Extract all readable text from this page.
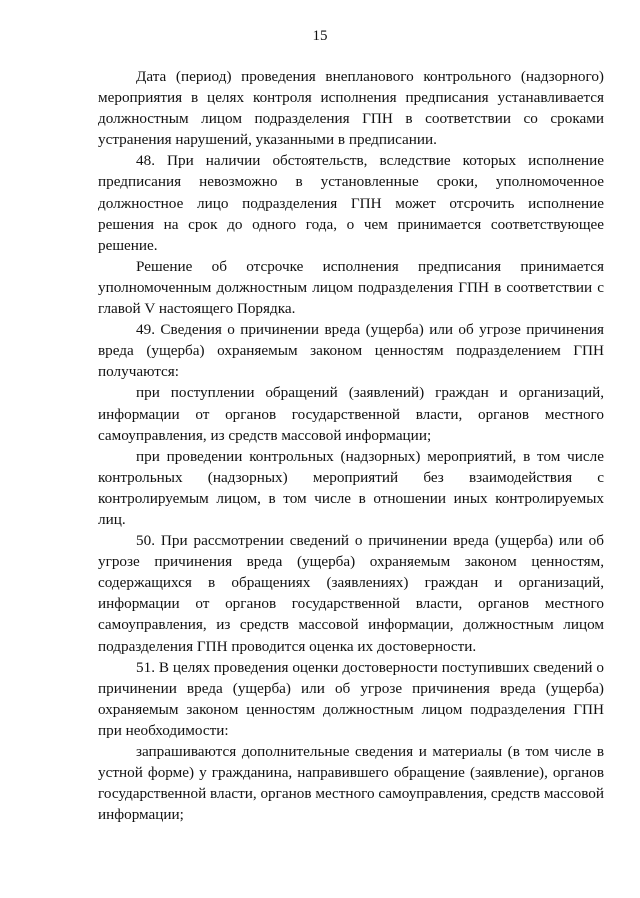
15

Дата (период) проведения внепланового контрольного (надзорного) мероприятия в целях контроля исполнения предписания устанавливается должностным лицом подразделения ГПН в соответствии со сроками устранения нарушений, указанными в предписании.

48. При наличии обстоятельств, вследствие которых исполнение предписания невозможно в установленные сроки, уполномоченное должностное лицо подразделения ГПН может отсрочить исполнение решения на срок до одного года, о чем принимается соответствующее решение.

Решение об отсрочке исполнения предписания принимается уполномоченным должностным лицом подразделения ГПН в соответствии с главой V настоящего Порядка.

49. Сведения о причинении вреда (ущерба) или об угрозе причинения вреда (ущерба) охраняемым законом ценностям подразделением ГПН получаются:

при поступлении обращений (заявлений) граждан и организаций, информации от органов государственной власти, органов местного самоуправления, из средств массовой информации;

при проведении контрольных (надзорных) мероприятий, в том числе контрольных (надзорных) мероприятий без взаимодействия с контролируемым лицом, в том числе в отношении иных контролируемых лиц.

50. При рассмотрении сведений о причинении вреда (ущерба) или об угрозе причинения вреда (ущерба) охраняемым законом ценностям, содержащихся в обращениях (заявлениях) граждан и организаций, информации от органов государственной власти, органов местного самоуправления, из средств массовой информации, должностным лицом подразделения ГПН проводится оценка их достоверности.

51. В целях проведения оценки достоверности поступивших сведений о причинении вреда (ущерба) или об угрозе причинения вреда (ущерба) охраняемым законом ценностям должностным лицом подразделения ГПН при необходимости:

запрашиваются дополнительные сведения и материалы (в том числе в устной форме) у гражданина, направившего обращение (заявление), органов государственной власти, органов местного самоуправления, средств массовой информации;
